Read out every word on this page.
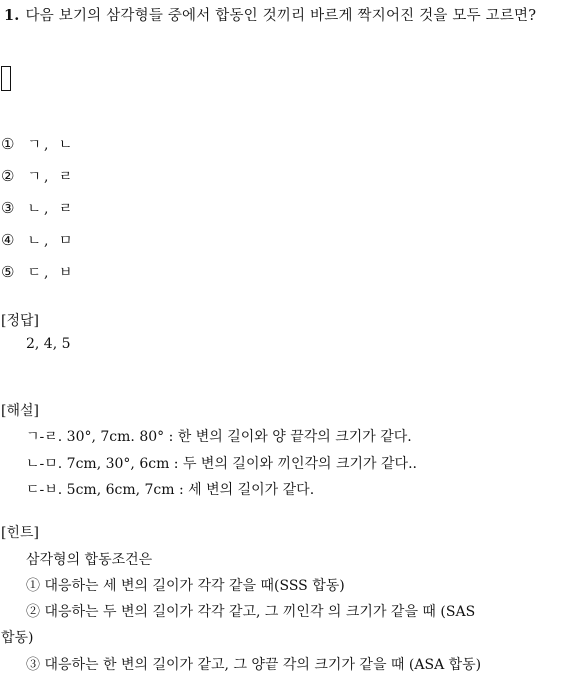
1. 다음 보기의 삼각형들 중에서 합동인 것끼리 바르게 짝지어진 것을 모두 고르면?
① ㄱ, ㄴ
② ㄱ, ㄹ
③ ㄴ, ㄹ
④ ㄴ, ㅁ
⑤ ㄷ, ㅂ
[정답]
2, 4, 5
[해설]
ㄱ-ㄹ. 30°, 7cm. 80° : 한 변의 길이와 양 끝각의 크기가 같다.
ㄴ-ㅁ. 7cm, 30°, 6cm : 두 변의 길이와 끼인각의 크기가 같다..
ㄷ-ㅂ. 5cm, 6cm, 7cm : 세 변의 길이가 같다.
[힌트]
삼각형의 합동조건은
① 대응하는 세 변의 길이가 각각 같을 때(SSS 합동)
② 대응하는 두 변의 길이가 각각 같고, 그 끼인각 의 크기가 같을 때 (SAS
합동)
③ 대응하는 한 변의 길이가 같고, 그 양끝 각의 크기가 같을 때 (ASA 합동)
